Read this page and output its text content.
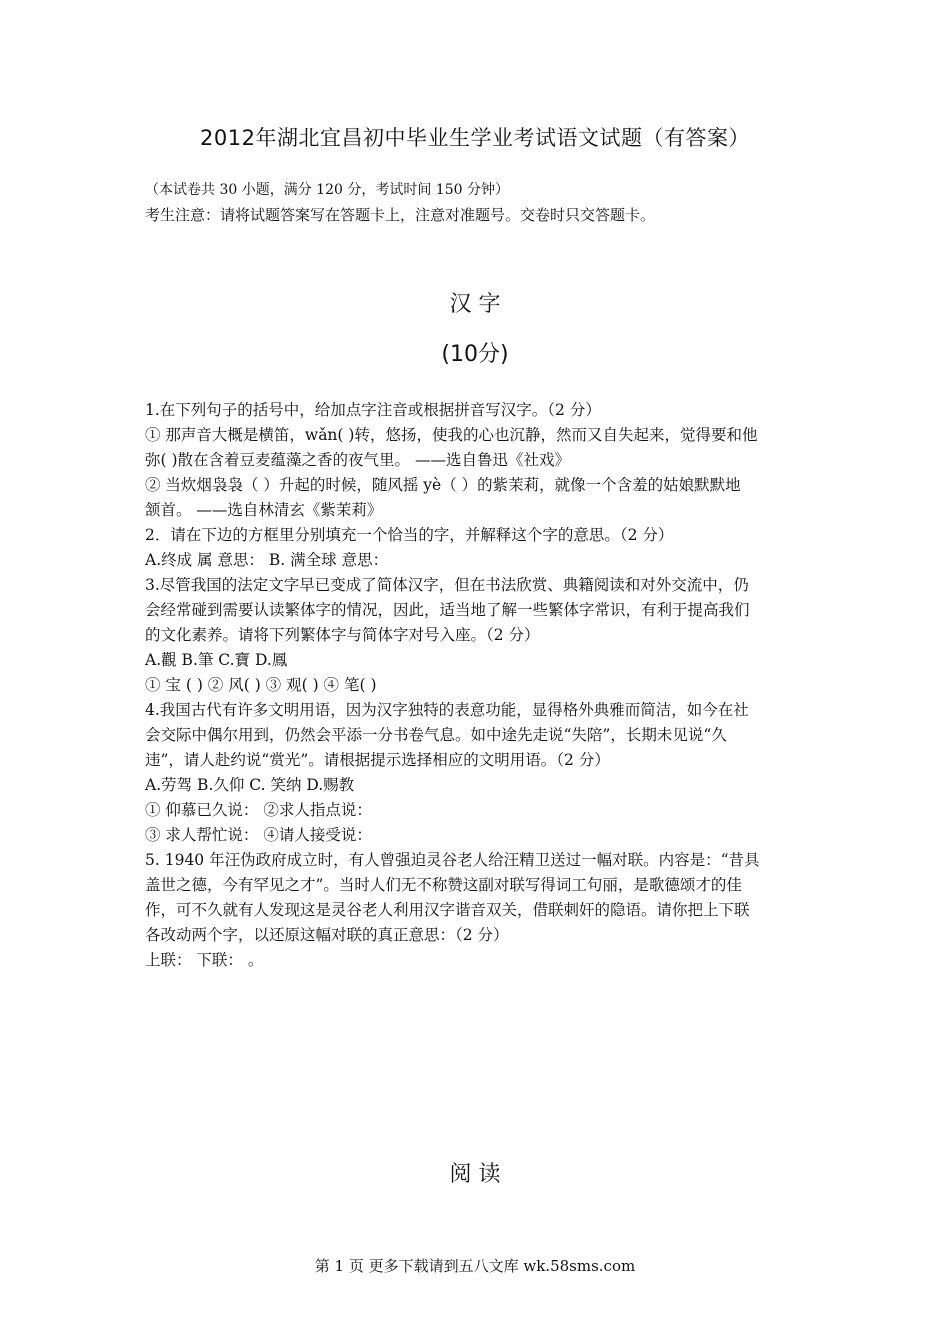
2012年湖北宜昌初中毕业生学业考试语文试题（有答案）
（本试卷共 30 小题，满分 120 分，考试时间 150 分钟）
考生注意：请将试题答案写在答题卡上，注意对准题号。交卷时只交答题卡。
汉 字
(10分)
1.在下列句子的括号中，给加点字注音或根据拼音写汉字。（2 分）
① 那声音大概是横笛，wǎn( )转，悠扬，使我的心也沉静，然而又自失起来，觉得要和他
弥( )散在含着豆麦蕴藻之香的夜气里。 ——选自鲁迅《社戏》
② 当炊烟袅袅（ ）升起的时候，随风摇 yè（ ）的紫茉莉，就像一个含羞的姑娘默默地
颔首。 ——选自林清玄《紫茉莉》
2．请在下边的方框里分别填充一个恰当的字，并解释这个字的意思。（2 分）
A.终成 属 意思： B. 满全球 意思：
3.尽管我国的法定文字早已变成了简体汉字，但在书法欣赏、典籍阅读和对外交流中，仍
会经常碰到需要认读繁体字的情况，因此，适当地了解一些繁体字常识，有利于提高我们
的文化素养。请将下列繁体字与简体字对号入座。（2 分）
A.觀 B.筆 C.寶 D.鳳
① 宝 ( ) ② 风( ) ③ 观( ) ④ 笔( )
4.我国古代有许多文明用语，因为汉字独特的表意功能，显得格外典雅而简洁，如今在社
会交际中偶尔用到，仍然会平添一分书卷气息。如中途先走说“失陪”，长期未见说“久
违”，请人赴约说“赏光”。请根据提示选择相应的文明用语。（2 分）
A.劳驾 B.久仰 C. 笑纳 D.赐教
① 仰慕已久说： ②求人指点说：
③ 求人帮忙说： ④请人接受说：
5. 1940 年汪伪政府成立时，有人曾强迫灵谷老人给汪精卫送过一幅对联。内容是：“昔具
盖世之德，今有罕见之才”。当时人们无不称赞这副对联写得词工句丽，是歌德颂才的佳
作，可不久就有人发现这是灵谷老人利用汉字谐音双关，借联刺奸的隐语。请你把上下联
各改动两个字，以还原这幅对联的真正意思：（2 分）
上联： 下联： 。
阅 读
第 1 页 更多下载请到五八文库 wk.58sms.com
